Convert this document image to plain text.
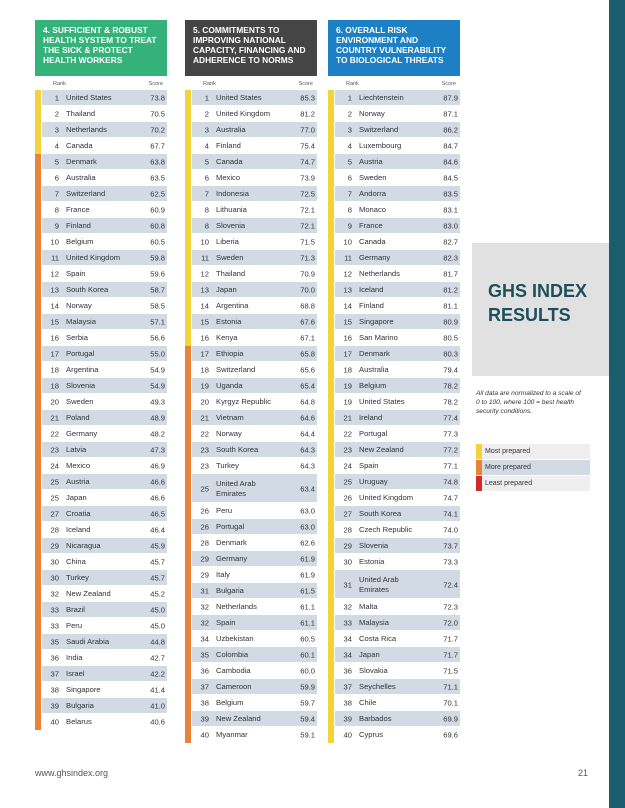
4. SUFFICIENT & ROBUST HEALTH SYSTEM TO TREAT THE SICK & PROTECT HEALTH WORKERS
Rank	Score
1 United States	73.8
2 Thailand	70.5
3 Netherlands	70.2
4 Canada	67.7
5 Denmark	63.8
6 Australia	63.5
7 Switzerland	62.5
8 France	60.9
9 Finland	60.8
10 Belgium	60.5
11 United Kingdom	59.8
12 Spain	59.6
13 South Korea	58.7
14 Norway	58.5
15 Malaysia	57.1
16 Serbia	56.6
17 Portugal	55.0
18 Argentina	54.9
18 Slovenia	54.9
20 Sweden	49.3
21 Poland	48.9
22 Germany	48.2
23 Latvia	47.3
24 Mexico	46.9
25 Austria	46.6
25 Japan	46.6
27 Croatia	46.5
28 Iceland	46.4
29 Nicaragua	45.9
30 China	45.7
30 Turkey	45.7
32 New Zealand	45.2
33 Brazil	45.0
33 Peru	45.0
35 Saudi Arabia	44.8
36 India	42.7
37 Israel	42.2
38 Singapore	41.4
39 Bulgaria	41.0
40 Belarus	40.6
5. COMMITMENTS TO IMPROVING NATIONAL CAPACITY, FINANCING AND ADHERENCE TO NORMS
Rank	Score
1 United States	85.3
2 United Kingdom	81.2
3 Australia	77.0
4 Finland	75.4
5 Canada	74.7
6 Mexico	73.9
7 Indonesia	72.5
8 Lithuania	72.1
8 Slovenia	72.1
10 Liberia	71.5
11 Sweden	71.3
12 Thailand	70.9
13 Japan	70.0
14 Argentina	68.8
15 Estonia	67.6
16 Kenya	67.1
17 Ethiopia	65.8
18 Switzerland	65.6
19 Uganda	65.4
20 Kyrgyz Republic	64.8
21 Vietnam	64.6
22 Norway	64.4
23 South Korea	64.3
23 Turkey	64.3
25
United Arab Emirates	63.4
26 Peru	63.0
26 Portugal	63.0
28 Denmark	62.6
29 Germany	61.9
29 Italy	61.9
31 Bulgaria	61.5
32 Netherlands	61.1
32 Spain	61.1
34 Uzbekistan	60.5
35 Colombia	60.1
36 Cambodia	60.0
37 Cameroon	59.9
38 Belgium	59.7
39 New Zealand	59.4
40 Myanmar	59.1
6. OVERALL RISK ENVIRONMENT AND COUNTRY VULNERABILITY TO BIOLOGICAL THREATS
Rank	Score
1 Liechtenstein	87.9
2 Norway	87.1
3 Switzerland	86.2
4 Luxembourg	84.7
5 Austria	84.6
6 Sweden	84.5
7 Andorra	83.5
8 Monaco	83.1
9 France	83.0
10 Canada	82.7
11 Germany	82.3
12 Netherlands	81.7
13 Iceland	81.2
14 Finland	81.1
15 Singapore	80.9
16 San Marino	80.5
17 Denmark	80.3
18 Australia	79.4
19 Belgium	78.2
19 United States	78.2
21 Ireland	77.4
22 Portugal	77.3
23 New Zealand	77.2
24 Spain	77.1
25 Uruguay	74.8
26 United Kingdom	74.7
27 South Korea	74.1
28 Czech Republic	74.0
29 Slovenia	73.7
30 Estonia	73.3
31
United Arab Emirates	72.4
32 Malta	72.3
33 Malaysia	72.0
34 Costa Rica	71.7
34 Japan	71.7
36 Slovakia	71.5
37 Seychelles	71.1
38 Chile	70.1
39 Barbados	69.9
40 Cyprus	69.6
GHS INDEX
RESULTS
All data are normalized to a scale of 0 to 100, where 100 = best health security conditions.
Most prepared
More prepared
Least prepared
www.ghsindex.org	21
